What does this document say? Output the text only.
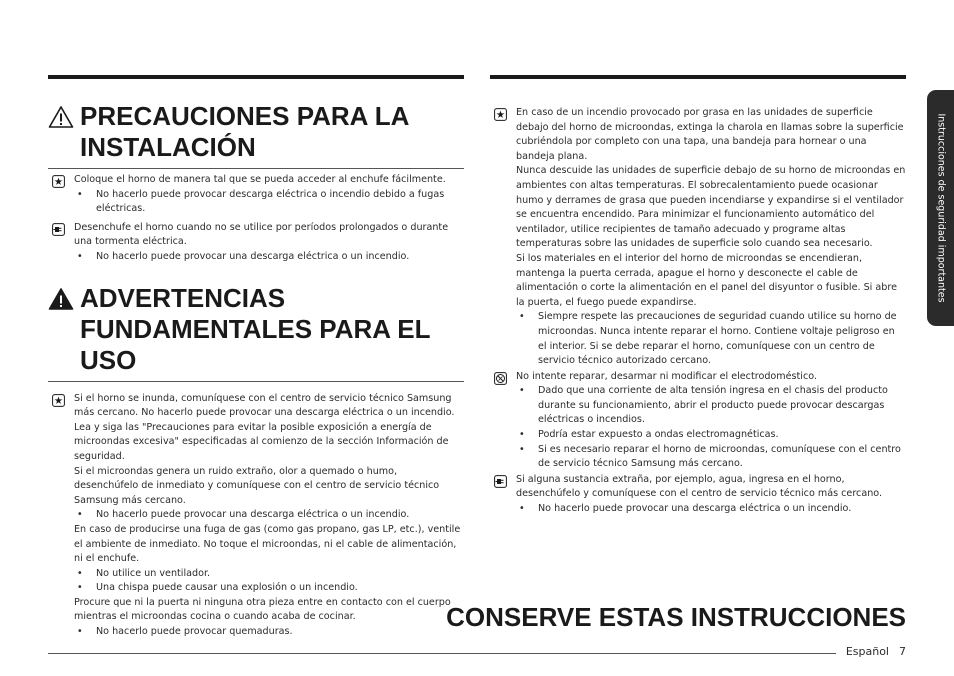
PRECAUCIONES PARA LA
INSTALACIÓN

Coloque el horno de manera tal que se pueda acceder al enchufe fácilmente.

• No hacerlo puede provocar descarga eléctrica o incendio debido a fugas eléctricas.

Desenchufe el horno cuando no se utilice por períodos prolongados o durante una tormenta eléctrica.

• No hacerlo puede provocar una descarga eléctrica o un incendio.

ADVERTENCIAS
FUNDAMENTALES PARA EL USO

Si el horno se inunda, comuníquese con el centro de servicio técnico Samsung más cercano. No hacerlo puede provocar una descarga eléctrica o un incendio.

Lea y siga las "Precauciones para evitar la posible exposición a energía de microondas excesiva" especificadas al comienzo de la sección Información de seguridad.

Si el microondas genera un ruido extraño, olor a quemado o humo, desenchúfelo de inmediato y comuníquese con el centro de servicio técnico Samsung más cercano.

• No hacerlo puede provocar una descarga eléctrica o un incendio.

En caso de producirse una fuga de gas (como gas propano, gas LP, etc.), ventile el ambiente de inmediato. No toque el microondas, ni el cable de alimentación, ni el enchufe.

• No utilice un ventilador.

• Una chispa puede causar una explosión o un incendio.

Procure que ni la puerta ni ninguna otra pieza entre en contacto con el cuerpo mientras el microondas cocina o cuando acaba de cocinar.

• No hacerlo puede provocar quemaduras.

En caso de un incendio provocado por grasa en las unidades de superficie debajo del horno de microondas, extinga la charola en llamas sobre la superficie cubriéndola por completo con una tapa, una bandeja para hornear o una bandeja plana.

Nunca descuide las unidades de superficie debajo de su horno de microondas en ambientes con altas temperaturas. El sobrecalentamiento puede ocasionar humo y derrames de grasa que pueden incendiarse y expandirse si el ventilador se encuentra encendido. Para minimizar el funcionamiento automático del ventilador, utilice recipientes de tamaño adecuado y programe altas temperaturas sobre las unidades de superficie solo cuando sea necesario.

Si los materiales en el interior del horno de microondas se encendieran, mantenga la puerta cerrada, apague el horno y desconecte el cable de alimentación o corte la alimentación en el panel del disyuntor o fusible. Si abre la puerta, el fuego puede expandirse.

• Siempre respete las precauciones de seguridad cuando utilice su horno de microondas. Nunca intente reparar el horno. Contiene voltaje peligroso en el interior. Si se debe reparar el horno, comuníquese con un centro de servicio técnico autorizado cercano.

No intente reparar, desarmar ni modificar el electrodoméstico.

• Dado que una corriente de alta tensión ingresa en el chasis del producto durante su funcionamiento, abrir el producto puede provocar descargas eléctricas o incendios.

• Podría estar expuesto a ondas electromagnéticas.

• Si es necesario reparar el horno de microondas, comuníquese con el centro de servicio técnico Samsung más cercano.

Si alguna sustancia extraña, por ejemplo, agua, ingresa en el horno, desenchúfelo y comuníquese con el centro de servicio técnico más cercano.

• No hacerlo puede provocar una descarga eléctrica o un incendio.

Instrucciones de seguridad importantes
CONSERVE ESTAS INSTRUCCIONES
Español 7
